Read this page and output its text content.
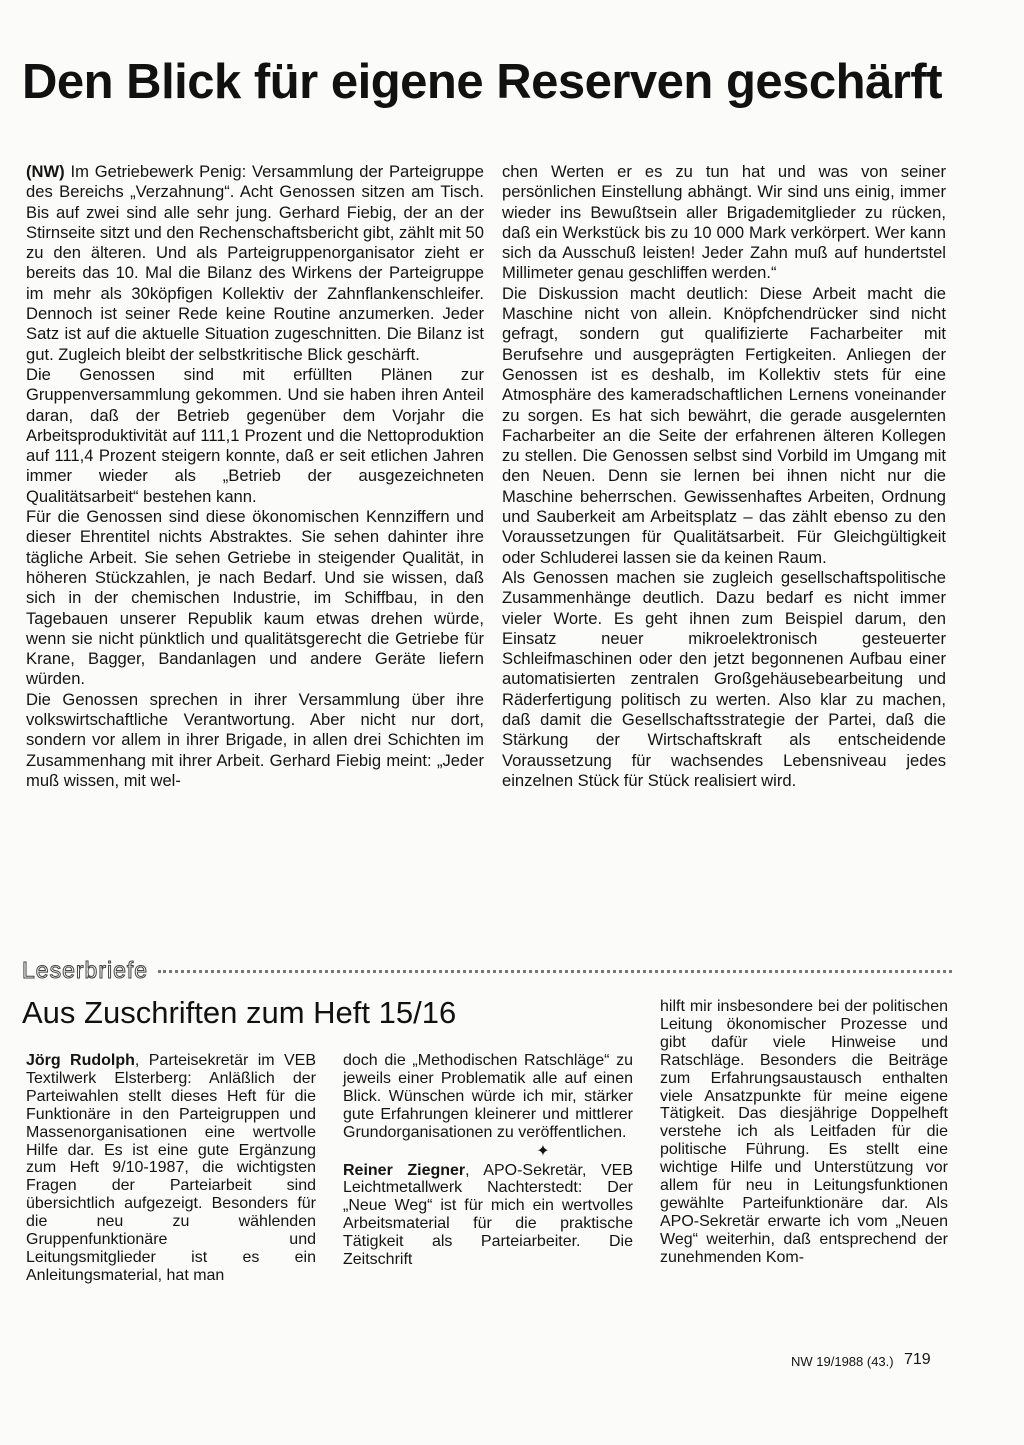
Den Blick für eigene Reserven geschärft

(NW) Im Getriebewerk Penig: Versammlung der Parteigruppe des Bereichs „Verzahnung“. Acht Genossen sitzen am Tisch. Bis auf zwei sind alle sehr jung. Gerhard Fiebig, der an der Stirnseite sitzt und den Rechenschaftsbericht gibt, zählt mit 50 zu den älteren. Und als Parteigruppenorganisator zieht er bereits das 10. Mal die Bilanz des Wirkens der Parteigruppe im mehr als 30köpfigen Kollektiv der Zahnflankenschleifer. Dennoch ist seiner Rede keine Routine anzumerken. Jeder Satz ist auf die aktuelle Situation zugeschnitten. Die Bilanz ist gut. Zugleich bleibt der selbstkritische Blick geschärft.

Die Genossen sind mit erfüllten Plänen zur Gruppenversammlung gekommen. Und sie haben ihren Anteil daran, daß der Betrieb gegenüber dem Vorjahr die Arbeitsproduktivität auf 111,1 Prozent und die Nettoproduktion auf 111,4 Prozent steigern konnte, daß er seit etlichen Jahren immer wieder als „Betrieb der ausgezeichneten Qualitätsarbeit“ bestehen kann.

Für die Genossen sind diese ökonomischen Kennziffern und dieser Ehrentitel nichts Abstraktes. Sie sehen dahinter ihre tägliche Arbeit. Sie sehen Getriebe in steigender Qualität, in höheren Stückzahlen, je nach Bedarf. Und sie wissen, daß sich in der chemischen Industrie, im Schiffbau, in den Tagebauen unserer Republik kaum etwas drehen würde, wenn sie nicht pünktlich und qualitätsgerecht die Getriebe für Krane, Bagger, Bandanlagen und andere Geräte liefern würden.

Die Genossen sprechen in ihrer Versammlung über ihre volkswirtschaftliche Verantwortung. Aber nicht nur dort, sondern vor allem in ihrer Brigade, in allen drei Schichten im Zusammenhang mit ihrer Arbeit. Gerhard Fiebig meint: „Jeder muß wissen, mit wel-

chen Werten er es zu tun hat und was von seiner persönlichen Einstellung abhängt. Wir sind uns einig, immer wieder ins Bewußtsein aller Brigademitglieder zu rücken, daß ein Werkstück bis zu 10 000 Mark verkörpert. Wer kann sich da Ausschuß leisten! Jeder Zahn muß auf hundertstel Millimeter genau geschliffen werden.“

Die Diskussion macht deutlich: Diese Arbeit macht die Maschine nicht von allein. Knöpfchendrücker sind nicht gefragt, sondern gut qualifizierte Facharbeiter mit Berufsehre und ausgeprägten Fertigkeiten. Anliegen der Genossen ist es deshalb, im Kollektiv stets für eine Atmosphäre des kameradschaftlichen Lernens voneinander zu sorgen. Es hat sich bewährt, die gerade ausgelernten Facharbeiter an die Seite der erfahrenen älteren Kollegen zu stellen. Die Genossen selbst sind Vorbild im Umgang mit den Neuen. Denn sie lernen bei ihnen nicht nur die Maschine beherrschen. Gewissenhaftes Arbeiten, Ordnung und Sauberkeit am Arbeitsplatz – das zählt ebenso zu den Voraussetzungen für Qualitätsarbeit. Für Gleichgültigkeit oder Schluderei lassen sie da keinen Raum.

Als Genossen machen sie zugleich gesellschaftspolitische Zusammenhänge deutlich. Dazu bedarf es nicht immer vieler Worte. Es geht ihnen zum Beispiel darum, den Einsatz neuer mikroelektronisch gesteuerter Schleifmaschinen oder den jetzt begonnenen Aufbau einer automatisierten zentralen Großgehäusebearbeitung und Räderfertigung politisch zu werten. Also klar zu machen, daß damit die Gesellschaftsstrategie der Partei, daß die Stärkung der Wirtschaftskraft als entscheidende Voraussetzung für wachsendes Lebensniveau jedes einzelnen Stück für Stück realisiert wird.

Leserbriefe
Aus Zuschriften zum Heft 15/16

Jörg Rudolph, Parteisekretär im VEB Textilwerk Elsterberg: Anläßlich der Parteiwahlen stellt dieses Heft für die Funktionäre in den Parteigruppen und Massenorganisationen eine wertvolle Hilfe dar. Es ist eine gute Ergänzung zum Heft 9/10-1987, die wichtigsten Fragen der Parteiarbeit sind übersichtlich aufgezeigt. Besonders für die neu zu wählenden Gruppenfunktionäre und Leitungsmitglieder ist es ein Anleitungsmaterial, hat man

doch die „Methodischen Ratschläge“ zu jeweils einer Problematik alle auf einen Blick. Wünschen würde ich mir, stärker gute Erfahrungen kleinerer und mittlerer Grundorganisationen zu veröffentlichen.

✦

Reiner Ziegner, APO-Sekretär, VEB Leichtmetallwerk Nachterstedt: Der „Neue Weg“ ist für mich ein wertvolles Arbeitsmaterial für die praktische Tätigkeit als Parteiarbeiter. Die Zeitschrift

hilft mir insbesondere bei der politischen Leitung ökonomischer Prozesse und gibt dafür viele Hinweise und Ratschläge. Besonders die Beiträge zum Erfahrungsaustausch enthalten viele Ansatzpunkte für meine eigene Tätigkeit. Das diesjährige Doppelheft verstehe ich als Leitfaden für die politische Führung. Es stellt eine wichtige Hilfe und Unterstützung vor allem für neu in Leitungsfunktionen gewählte Parteifunktionäre dar. Als APO-Sekretär erwarte ich vom „Neuen Weg“ weiterhin, daß entsprechend der zunehmenden Kom-

NW 19/1988 (43.) 719
